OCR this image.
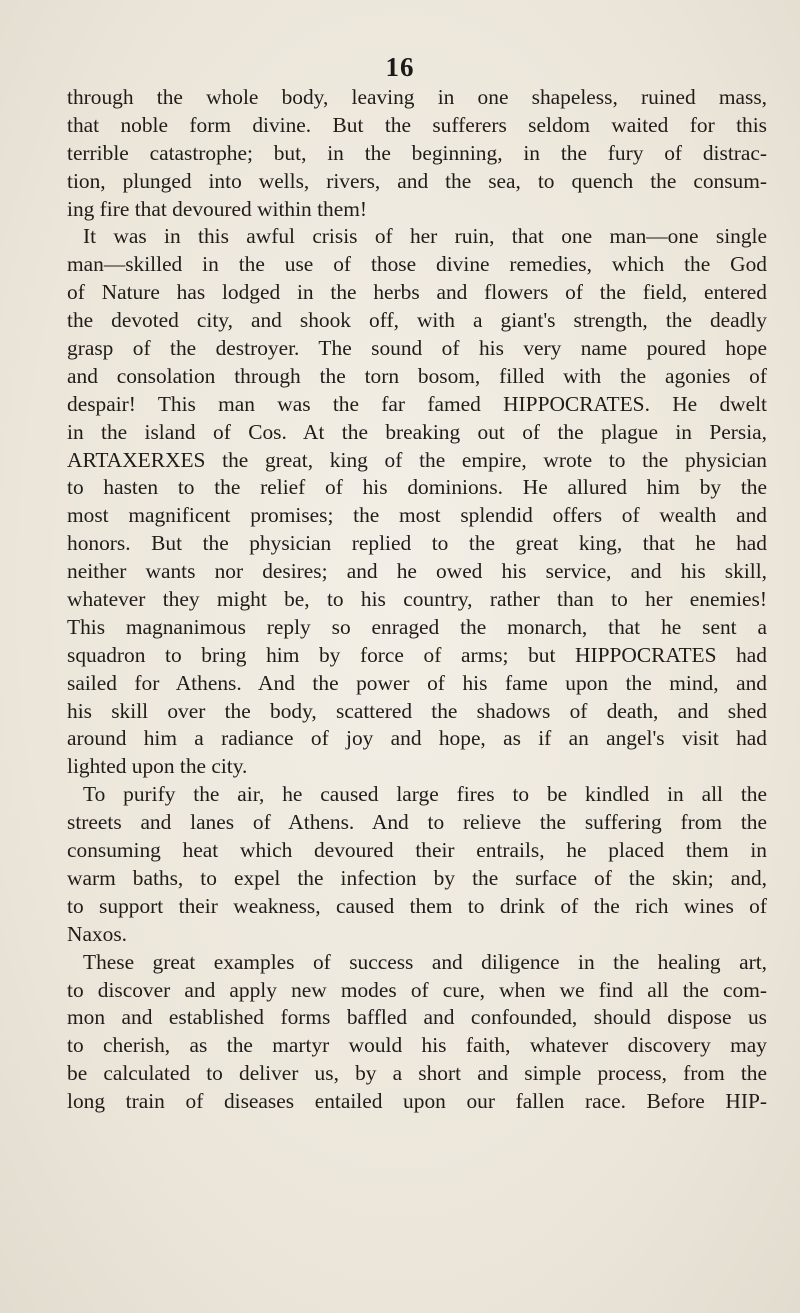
16
through the whole body, leaving in one shapeless, ruined mass,
that noble form divine. But the sufferers seldom waited for this
terrible catastrophe; but, in the beginning, in the fury of distrac-
tion, plunged into wells, rivers, and the sea, to quench the consum-
ing fire that devoured within them!
It was in this awful crisis of her ruin, that one man—one single
man—skilled in the use of those divine remedies, which the God
of Nature has lodged in the herbs and flowers of the field, entered
the devoted city, and shook off, with a giant's strength, the deadly
grasp of the destroyer. The sound of his very name poured hope
and consolation through the torn bosom, filled with the agonies of
despair! This man was the far famed HIPPOCRATES. He dwelt
in the island of Cos. At the breaking out of the plague in Persia,
ARTAXERXES the great, king of the empire, wrote to the physician
to hasten to the relief of his dominions. He allured him by the
most magnificent promises; the most splendid offers of wealth and
honors. But the physician replied to the great king, that he had
neither wants nor desires; and he owed his service, and his skill,
whatever they might be, to his country, rather than to her enemies!
This magnanimous reply so enraged the monarch, that he sent a
squadron to bring him by force of arms; but HIPPOCRATES had
sailed for Athens. And the power of his fame upon the mind, and
his skill over the body, scattered the shadows of death, and shed
around him a radiance of joy and hope, as if an angel's visit had
lighted upon the city.
To purify the air, he caused large fires to be kindled in all the
streets and lanes of Athens. And to relieve the suffering from the
consuming heat which devoured their entrails, he placed them in
warm baths, to expel the infection by the surface of the skin; and,
to support their weakness, caused them to drink of the rich wines of
Naxos.
These great examples of success and diligence in the healing art,
to discover and apply new modes of cure, when we find all the com-
mon and established forms baffled and confounded, should dispose us
to cherish, as the martyr would his faith, whatever discovery may
be calculated to deliver us, by a short and simple process, from the
long train of diseases entailed upon our fallen race. Before HIP-
